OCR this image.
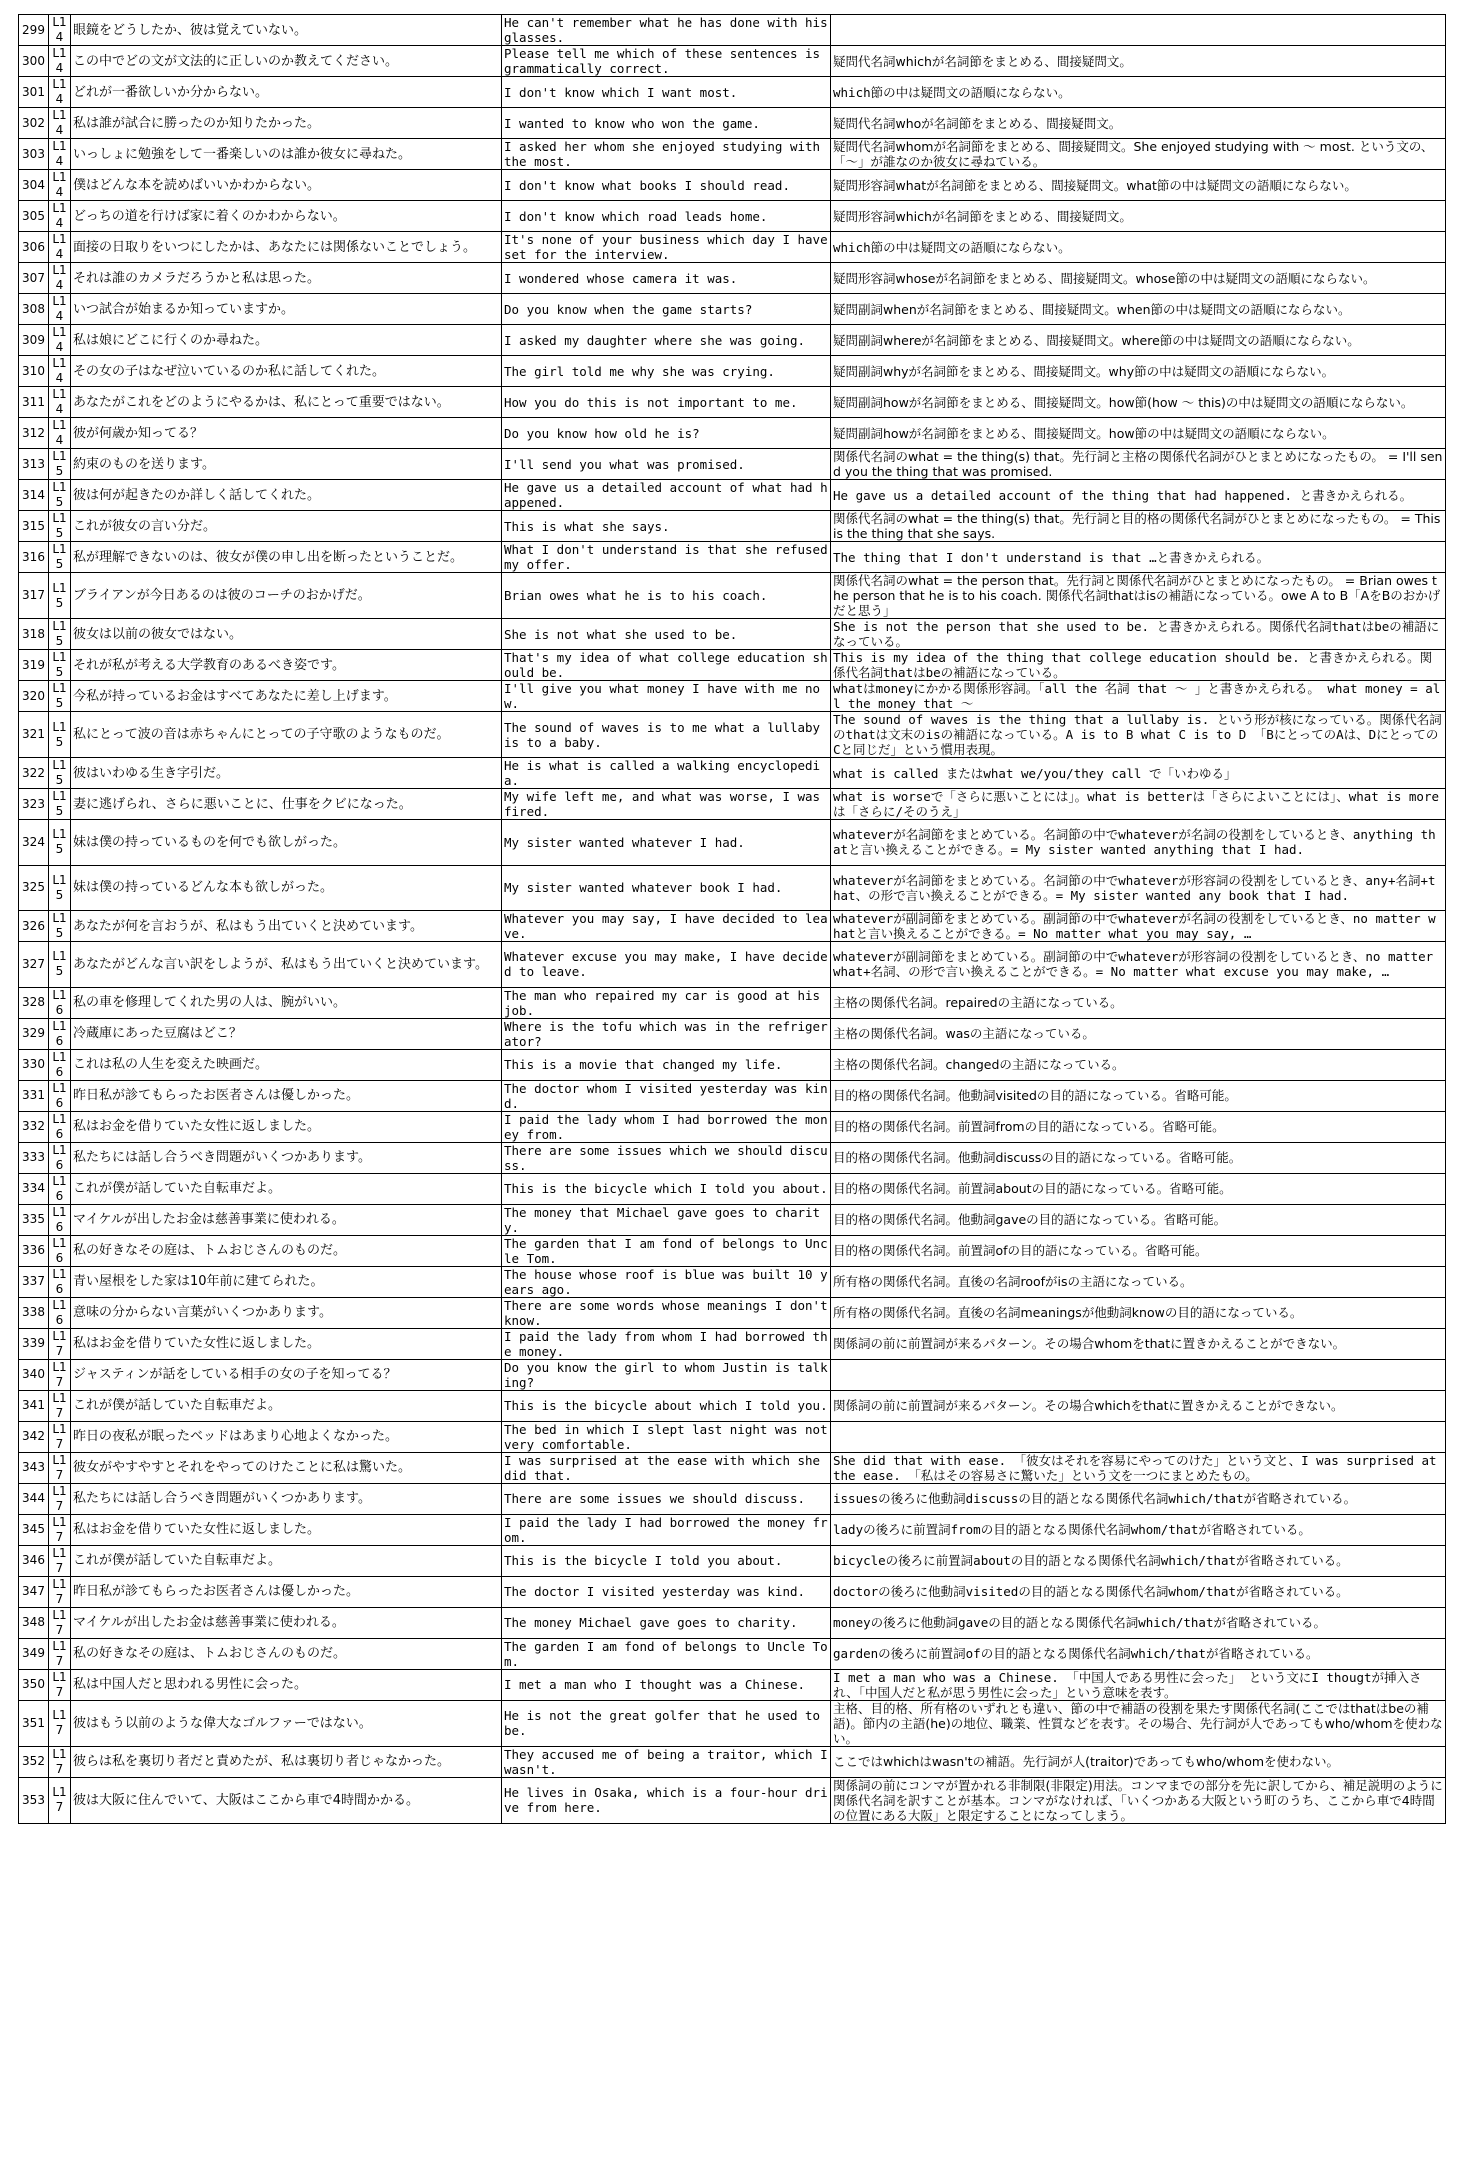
299	L14	眼鏡をどうしたか、彼は覚えていない。	He can't remember what he has done with his glasses.	
300	L14	この中でどの文が文法的に正しいのか教えてください。	Please tell me which of these sentences is grammatically correct.	疑問代名詞whichが名詞節をまとめる、間接疑問文。
301	L14	どれが一番欲しいか分からない。	I don't know which I want most.	which節の中は疑問文の語順にならない。
302	L14	私は誰が試合に勝ったのか知りたかった。	I wanted to know who won the game.	疑問代名詞whoが名詞節をまとめる、間接疑問文。
303	L14	いっしょに勉強をして一番楽しいのは誰か彼女に尋ねた。	I asked her whom she enjoyed studying with the most.	疑問代名詞whomが名詞節をまとめる、間接疑問文。She enjoyed studying with ～ most. という文の、「～」が誰なのか彼女に尋ねている。
304	L14	僕はどんな本を読めばいいかわからない。	I don't know what books I should read.	疑問形容詞whatが名詞節をまとめる、間接疑問文。what節の中は疑問文の語順にならない。
305	L14	どっちの道を行けば家に着くのかわからない。	I don't know which road leads home.	疑問形容詞whichが名詞節をまとめる、間接疑問文。
306	L14	面接の日取りをいつにしたかは、あなたには関係ないことでしょう。	It's none of your business which day I have set for the interview.	which節の中は疑問文の語順にならない。
307	L14	それは誰のカメラだろうかと私は思った。	I wondered whose camera it was.	疑問形容詞whoseが名詞節をまとめる、間接疑問文。whose節の中は疑問文の語順にならない。
308	L14	いつ試合が始まるか知っていますか。	Do you know when the game starts?	疑問副詞whenが名詞節をまとめる、間接疑問文。when節の中は疑問文の語順にならない。
309	L14	私は娘にどこに行くのか尋ねた。	I asked my daughter where she was going.	疑問副詞whereが名詞節をまとめる、間接疑問文。where節の中は疑問文の語順にならない。
310	L14	その女の子はなぜ泣いているのか私に話してくれた。	The girl told me why she was crying.	疑問副詞whyが名詞節をまとめる、間接疑問文。why節の中は疑問文の語順にならない。
311	L14	あなたがこれをどのようにやるかは、私にとって重要ではない。	How you do this is not important to me.	疑問副詞howが名詞節をまとめる、間接疑問文。how節(how ～ this)の中は疑問文の語順にならない。
312	L14	彼が何歳か知ってる？	Do you know how old he is?	疑問副詞howが名詞節をまとめる、間接疑問文。how節の中は疑問文の語順にならない。
313	L15	約束のものを送ります。	I'll send you what was promised.	関係代名詞のwhat = the thing(s) that。先行詞と主格の関係代名詞がひとまとめになったもの。 = I'll send you the thing that was promised.
314	L15	彼は何が起きたのか詳しく話してくれた。	He gave us a detailed account of what had happened.	He gave us a detailed account of the thing that had happened. と書きかえられる。
315	L15	これが彼女の言い分だ。	This is what she says.	関係代名詞のwhat = the thing(s) that。先行詞と目的格の関係代名詞がひとまとめになったもの。 = This is the thing that she says.
316	L15	私が理解できないのは、彼女が僕の申し出を断ったということだ。	What I don't understand is that she refused my offer.	The thing that I don't understand is that …と書きかえられる。
317	L15	ブライアンが今日あるのは彼のコーチのおかげだ。	Brian owes what he is to his coach.	関係代名詞のwhat = the person that。先行詞と関係代名詞がひとまとめになったもの。 = Brian owes the person that he is to his coach. 関係代名詞thatはisの補語になっている。owe A to B「AをBのおかげだと思う」
318	L15	彼女は以前の彼女ではない。	She is not what she used to be.	She is not the person that she used to be. と書きかえられる。関係代名詞thatはbeの補語になっている。
319	L15	それが私が考える大学教育のあるべき姿です。	That's my idea of what college education should be.	This is my idea of the thing that college education should be. と書きかえられる。関係代名詞thatはbeの補語になっている。
320	L15	今私が持っているお金はすべてあなたに差し上げます。	I'll give you what money I have with me now.	whatはmoneyにかかる関係形容詞。「all the 名詞 that ～ 」と書きかえられる。 what money = all the money that ～
321	L15	私にとって波の音は赤ちゃんにとっての子守歌のようなものだ。	The sound of waves is to me what a lullaby is to a baby.	The sound of waves is the thing that a lullaby is. という形が核になっている。関係代名詞のthatは文末のisの補語になっている。A is to B what C is to D 「BにとってのAは、DにとってのCと同じだ」という慣用表現。
322	L15	彼はいわゆる生き字引だ。	He is what is called a walking encyclopedia.	what is called またはwhat we/you/they call で「いわゆる」
323	L15	妻に逃げられ、さらに悪いことに、仕事をクビになった。	My wife left me, and what was worse, I was fired.	what is worseで「さらに悪いことには」。what is betterは「さらによいことには」、what is moreは「さらに/そのうえ」
324	L15	妹は僕の持っているものを何でも欲しがった。	My sister wanted whatever I had.	whateverが名詞節をまとめている。名詞節の中でwhateverが名詞の役割をしているとき、anything thatと言い換えることができる。= My sister wanted anything that I had.
325	L15	妹は僕の持っているどんな本も欲しがった。	My sister wanted whatever book I had.	whateverが名詞節をまとめている。名詞節の中でwhateverが形容詞の役割をしているとき、any+名詞+that、の形で言い換えることができる。= My sister wanted any book that I had.
326	L15	あなたが何を言おうが、私はもう出ていくと決めています。	Whatever you may say, I have decided to leave.	whateverが副詞節をまとめている。副詞節の中でwhateverが名詞の役割をしているとき、no matter whatと言い換えることができる。= No matter what you may say, …
327	L15	あなたがどんな言い訳をしようが、私はもう出ていくと決めています。	Whatever excuse you may make, I have decided to leave.	whateverが副詞節をまとめている。副詞節の中でwhateverが形容詞の役割をしているとき、no matter what+名詞、の形で言い換えることができる。= No matter what excuse you may make, …
328	L16	私の車を修理してくれた男の人は、腕がいい。	The man who repaired my car is good at his job.	主格の関係代名詞。repairedの主語になっている。
329	L16	冷蔵庫にあった豆腐はどこ？	Where is the tofu which was in the refrigerator?	主格の関係代名詞。wasの主語になっている。
330	L16	これは私の人生を変えた映画だ。	This is a movie that changed my life.	主格の関係代名詞。changedの主語になっている。
331	L16	昨日私が診てもらったお医者さんは優しかった。	The doctor whom I visited yesterday was kind.	目的格の関係代名詞。他動詞visitedの目的語になっている。省略可能。
332	L16	私はお金を借りていた女性に返しました。	I paid the lady whom I had borrowed the money from.	目的格の関係代名詞。前置詞fromの目的語になっている。省略可能。
333	L16	私たちには話し合うべき問題がいくつかあります。	There are some issues which we should discuss.	目的格の関係代名詞。他動詞discussの目的語になっている。省略可能。
334	L16	これが僕が話していた自転車だよ。	This is the bicycle which I told you about.	目的格の関係代名詞。前置詞aboutの目的語になっている。省略可能。
335	L16	マイケルが出したお金は慈善事業に使われる。	The money that Michael gave goes to charity.	目的格の関係代名詞。他動詞gaveの目的語になっている。省略可能。
336	L16	私の好きなその庭は、トムおじさんのものだ。	The garden that I am fond of belongs to Uncle Tom.	目的格の関係代名詞。前置詞ofの目的語になっている。省略可能。
337	L16	青い屋根をした家は10年前に建てられた。	The house whose roof is blue was built 10 years ago.	所有格の関係代名詞。直後の名詞roofがisの主語になっている。
338	L16	意味の分からない言葉がいくつかあります。	There are some words whose meanings I don't know.	所有格の関係代名詞。直後の名詞meaningsが他動詞knowの目的語になっている。
339	L17	私はお金を借りていた女性に返しました。	I paid the lady from whom I had borrowed the money.	関係詞の前に前置詞が来るパターン。その場合whomをthatに置きかえることができない。
340	L17	ジャスティンが話をしている相手の女の子を知ってる？	Do you know the girl to whom Justin is talking?	
341	L17	これが僕が話していた自転車だよ。	This is the bicycle about which I told you.	関係詞の前に前置詞が来るパターン。その場合whichをthatに置きかえることができない。
342	L17	昨日の夜私が眠ったベッドはあまり心地よくなかった。	The bed in which I slept last night was not very comfortable.	
343	L17	彼女がやすやすとそれをやってのけたことに私は驚いた。	I was surprised at the ease with which she did that.	She did that with ease. 「彼女はそれを容易にやってのけた」という文と、I was surprised at the ease. 「私はその容易さに驚いた」という文を一つにまとめたもの。
344	L17	私たちには話し合うべき問題がいくつかあります。	There are some issues we should discuss.	issuesの後ろに他動詞discussの目的語となる関係代名詞which/thatが省略されている。
345	L17	私はお金を借りていた女性に返しました。	I paid the lady I had borrowed the money from.	ladyの後ろに前置詞fromの目的語となる関係代名詞whom/thatが省略されている。
346	L17	これが僕が話していた自転車だよ。	This is the bicycle I told you about.	bicycleの後ろに前置詞aboutの目的語となる関係代名詞which/thatが省略されている。
347	L17	昨日私が診てもらったお医者さんは優しかった。	The doctor I visited yesterday was kind.	doctorの後ろに他動詞visitedの目的語となる関係代名詞whom/thatが省略されている。
348	L17	マイケルが出したお金は慈善事業に使われる。	The money Michael gave goes to charity.	moneyの後ろに他動詞gaveの目的語となる関係代名詞which/thatが省略されている。
349	L17	私の好きなその庭は、トムおじさんのものだ。	The garden I am fond of belongs to Uncle Tom.	gardenの後ろに前置詞ofの目的語となる関係代名詞which/thatが省略されている。
350	L17	私は中国人だと思われる男性に会った。	I met a man who I thought was a Chinese.	I met a man who was a Chinese. 「中国人である男性に会った」 という文にI thougtが挿入され、「中国人だと私が思う男性に会った」という意味を表す。
351	L17	彼はもう以前のような偉大なゴルファーではない。	He is not the great golfer that he used to be.	主格、目的格、所有格のいずれとも違い、節の中で補語の役割を果たす関係代名詞(ここではthatはbeの補語)。節内の主語(he)の地位、職業、性質などを表す。その場合、先行詞が人であってもwho/whomを使わない。
352	L17	彼らは私を裏切り者だと責めたが、私は裏切り者じゃなかった。	They accused me of being a traitor, which I wasn't.	ここではwhichはwasn'tの補語。先行詞が人(traitor)であってもwho/whomを使わない。
353	L17	彼は大阪に住んでいて、大阪はここから車で4時間かかる。	He lives in Osaka, which is a four-hour drive from here.	関係詞の前にコンマが置かれる非制限(非限定)用法。コンマまでの部分を先に訳してから、補足説明のように関係代名詞を訳すことが基本。コンマがなければ、「いくつかある大阪という町のうち、ここから車で4時間の位置にある大阪」と限定することになってしまう。
